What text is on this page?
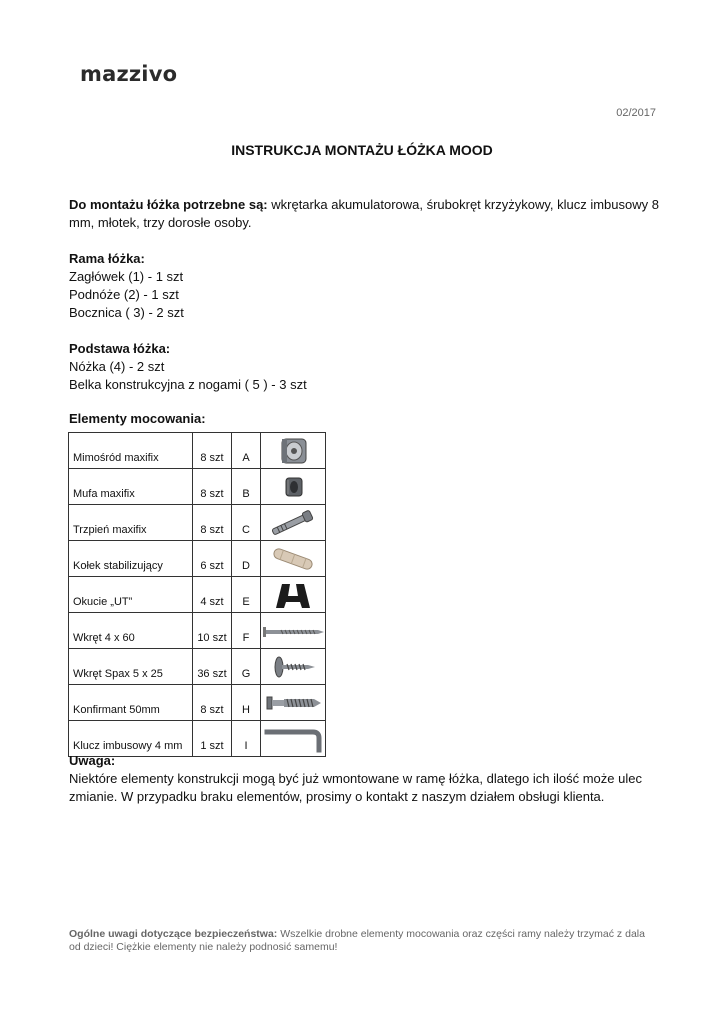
mazzivo
02/2017
INSTRUKCJA MONTAŻU ŁÓŻKA MOOD

Do montażu łóżka potrzebne są: wkrętarka akumulatorowa, śrubokręt krzyżykowy, klucz imbusowy 8 mm, młotek, trzy dorosłe osoby.

Rama łóżka:

Zagłówek (1) - 1 szt

Podnóże (2) - 1 szt

Bocznica ( 3) - 2 szt

Podstawa łóżka:

Nóżka (4) - 2 szt

Belka konstrukcyjna z nogami ( 5 ) - 3 szt

Elementy mocowania:

Mimośród maxifix	8 szt	A	

Mufa maxifix	8 szt	B	

Trzpień maxifix	8 szt	C	

Kołek stabilizujący	6 szt	D	

Okucie „UT”	4 szt	E	

Wkręt 4 x 60	10 szt	F	

Wkręt Spax 5 x 25	36 szt	G	

Konfirmant 50mm	8 szt	H	

Klucz imbusowy 4 mm	1 szt	I	

Uwaga:

Niektóre elementy konstrukcji mogą być już wmontowane w ramę łóżka, dlatego ich ilość może ulec zmianie. W przypadku braku elementów, prosimy o kontakt z naszym działem obsługi klienta.

Ogólne uwagi dotyczące bezpieczeństwa: Wszelkie drobne elementy mocowania oraz części ramy należy trzymać z dala od dzieci! Ciężkie elementy nie należy podnosić samemu!
